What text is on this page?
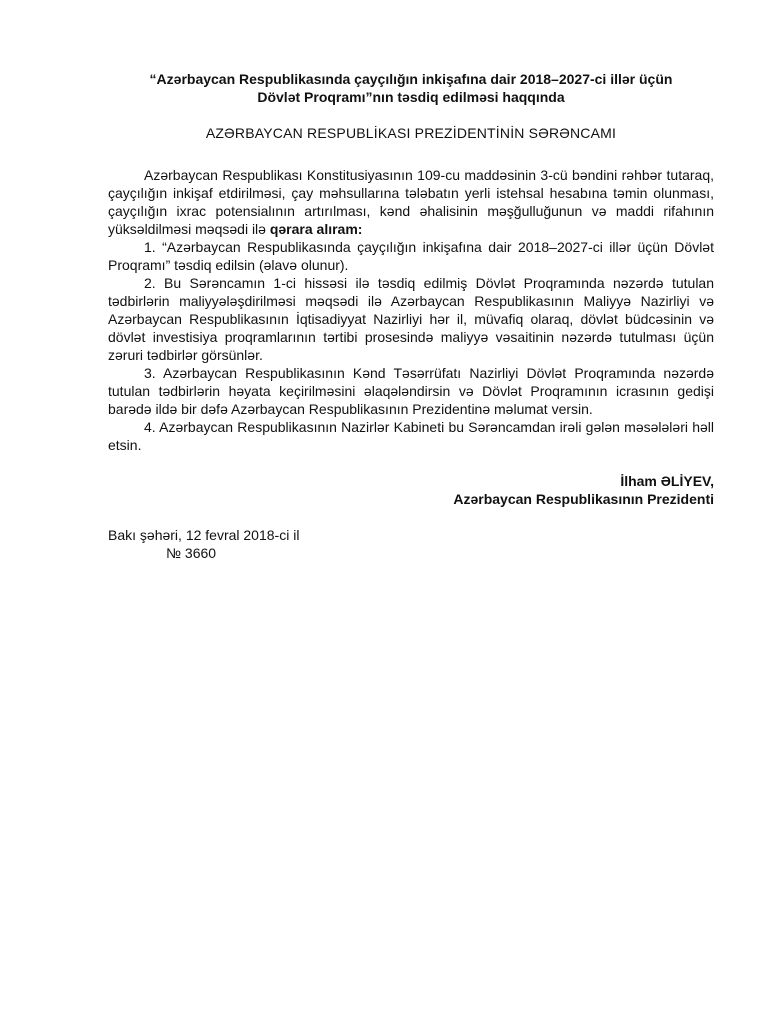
“Azərbaycan Respublikasında çayçılığın inkişafına dair 2018–2027-ci illər üçün
Dövlət Proqramı”nın təsdiq edilməsi haqqında

AZƏRBAYCAN RESPUBLİKASI PREZİDENTİNİN SƏRƏNCAMI

Azərbaycan Respublikası Konstitusiyasının 109-cu maddəsinin 3-cü bəndini rəhbər tutaraq, çayçılığın inkişaf etdirilməsi, çay məhsullarına tələbatın yerli istehsal hesabına təmin olunması, çayçılığın ixrac potensialının artırılması, kənd əhalisinin məşğulluğunun və maddi rifahının yüksəldilməsi məqsədi ilə qərara alıram:

1. “Azərbaycan Respublikasında çayçılığın inkişafına dair 2018–2027-ci illər üçün Dövlət Proqramı” təsdiq edilsin (əlavə olunur).

2. Bu Sərəncamın 1-ci hissəsi ilə təsdiq edilmiş Dövlət Proqramında nəzərdə tutulan tədbirlərin maliyyələşdirilməsi məqsədi ilə Azərbaycan Respublikasının Maliyyə Nazirliyi və Azərbaycan Respublikasının İqtisadiyyat Nazirliyi hər il, müvafiq olaraq, dövlət büdcəsinin və dövlət investisiya proqramlarının tərtibi prosesində maliyyə vəsaitinin nəzərdə tutulması üçün zəruri tədbirlər görsünlər.

3. Azərbaycan Respublikasının Kənd Təsərrüfatı Nazirliyi Dövlət Proqramında nəzərdə tutulan tədbirlərin həyata keçirilməsini əlaqələndirsin və Dövlət Proqramının icrasının gedişi barədə ildə bir dəfə Azərbaycan Respublikasının Prezidentinə məlumat versin.

4. Azərbaycan Respublikasının Nazirlər Kabineti bu Sərəncamdan irəli gələn məsələləri həll etsin.

İlham ƏLİYEV,
Azərbaycan Respublikasının Prezidenti
Bakı şəhəri, 12 fevral 2018-ci il
№ 3660
